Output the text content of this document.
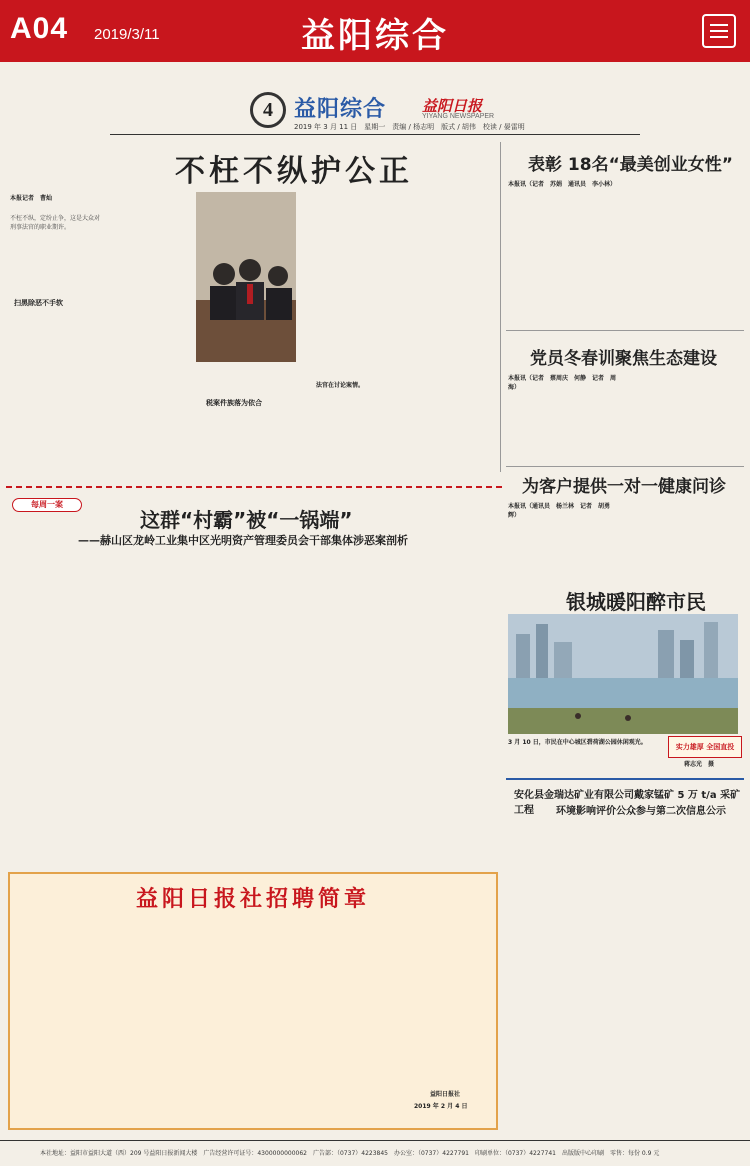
A04 2019/3/11	益阳综合
4 益阳综合 益阳日报
YIYANG NEWSPAPER
2019 年 3 月 11 日　星期一　责编 / 杨志明　版式 / 胡伟　校读 / 晏雷明
不枉不纵护公正
本报记者　曹灿
不枉不纵，定纷止争，这是大众对刑事法官的职业期许。
扫黑除恶不手软
法官在讨论案情。
税案件族落为依合
表彰 18名“最美创业女性”
本报讯（记者　苏娟　通讯员　李小林）
党员冬春训聚焦生态建设
本报讯（记者　蔡周庆　何静　记者　周海）
为客户提供一对一健康问诊
本报讯（通讯员　杨兰林　记者　胡勇辉）
银城暖阳醉市民
3 月 10 日，市民在中心城区碧荷湖公园休闲观光。
蒋志光　摄
实力雄厚 全国直投
每周一案
这群“村霸”被“一锅端”
——赫山区龙岭工业集中区光明资产管理委员会干部集体涉恶案剖析
安化县金瑞达矿业有限公司戴家锰矿 5 万 t/a 采矿工程	环境影响评价公众参与第二次信息公示
益阳日报社招聘简章
益阳日报社
2019 年 2 月 4 日
本社地址：益阳市益阳大道（西）209 号益阳日报新闻大楼　广告经营许可证号：4300000000062　广告部：（0737）4223845　办公室：（0737）4227791　印刷单位：（0737）4227741　出版版中心印刷　零售：每份 0.9 元
